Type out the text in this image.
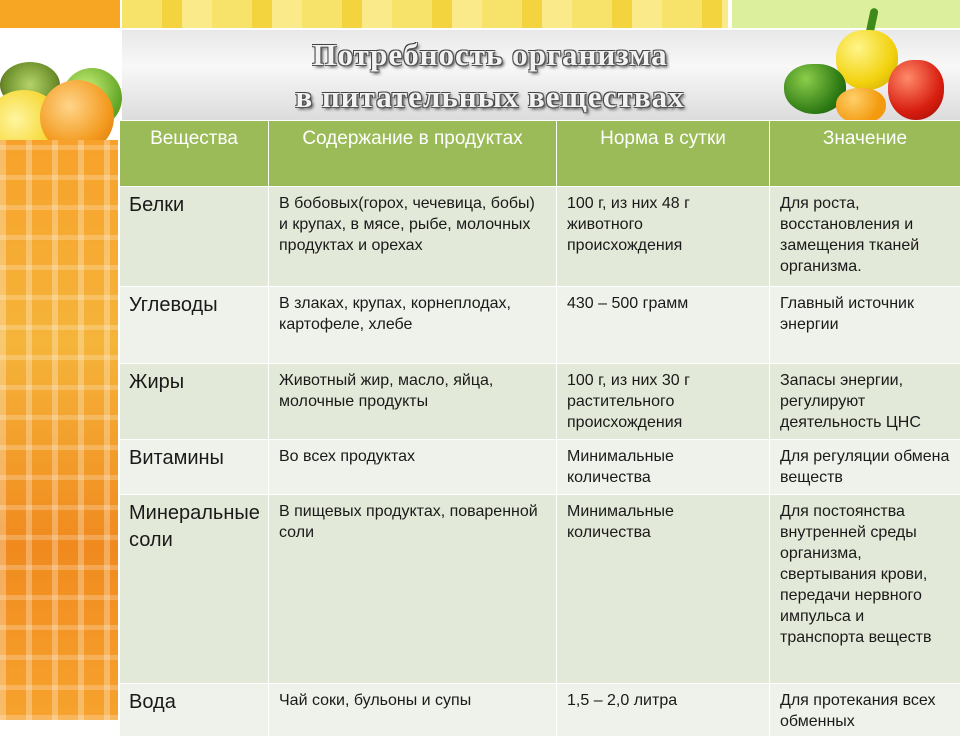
Потребность организма
в питательных веществах
Вещества	Содержание в продуктах	Норма в сутки	Значение
Белки	В бобовых(горох, чечевица, бобы) и крупах, в мясе, рыбе, молочных продуктах и орехах	100 г, из них 48 г животного происхождения	Для роста, восстановления и замещения тканей организма.
Углеводы	В злаках, крупах, корнеплодах, картофеле, хлебе	430 – 500 грамм	Главный источник энергии
Жиры	Животный жир, масло, яйца, молочные продукты	100 г, из них 30 г растительного происхождения	Запасы энергии, регулируют деятельность ЦНС
Витамины	Во всех продуктах	Минимальные количества	Для регуляции обмена веществ
Минеральные соли	В пищевых продуктах, поваренной соли	Минимальные количества	Для постоянства внутренней среды организма, свертывания крови, передачи нервного импульса и транспорта веществ
Вода	Чай соки, бульоны и супы	1,5 – 2,0 литра	Для протекания всех обменных
